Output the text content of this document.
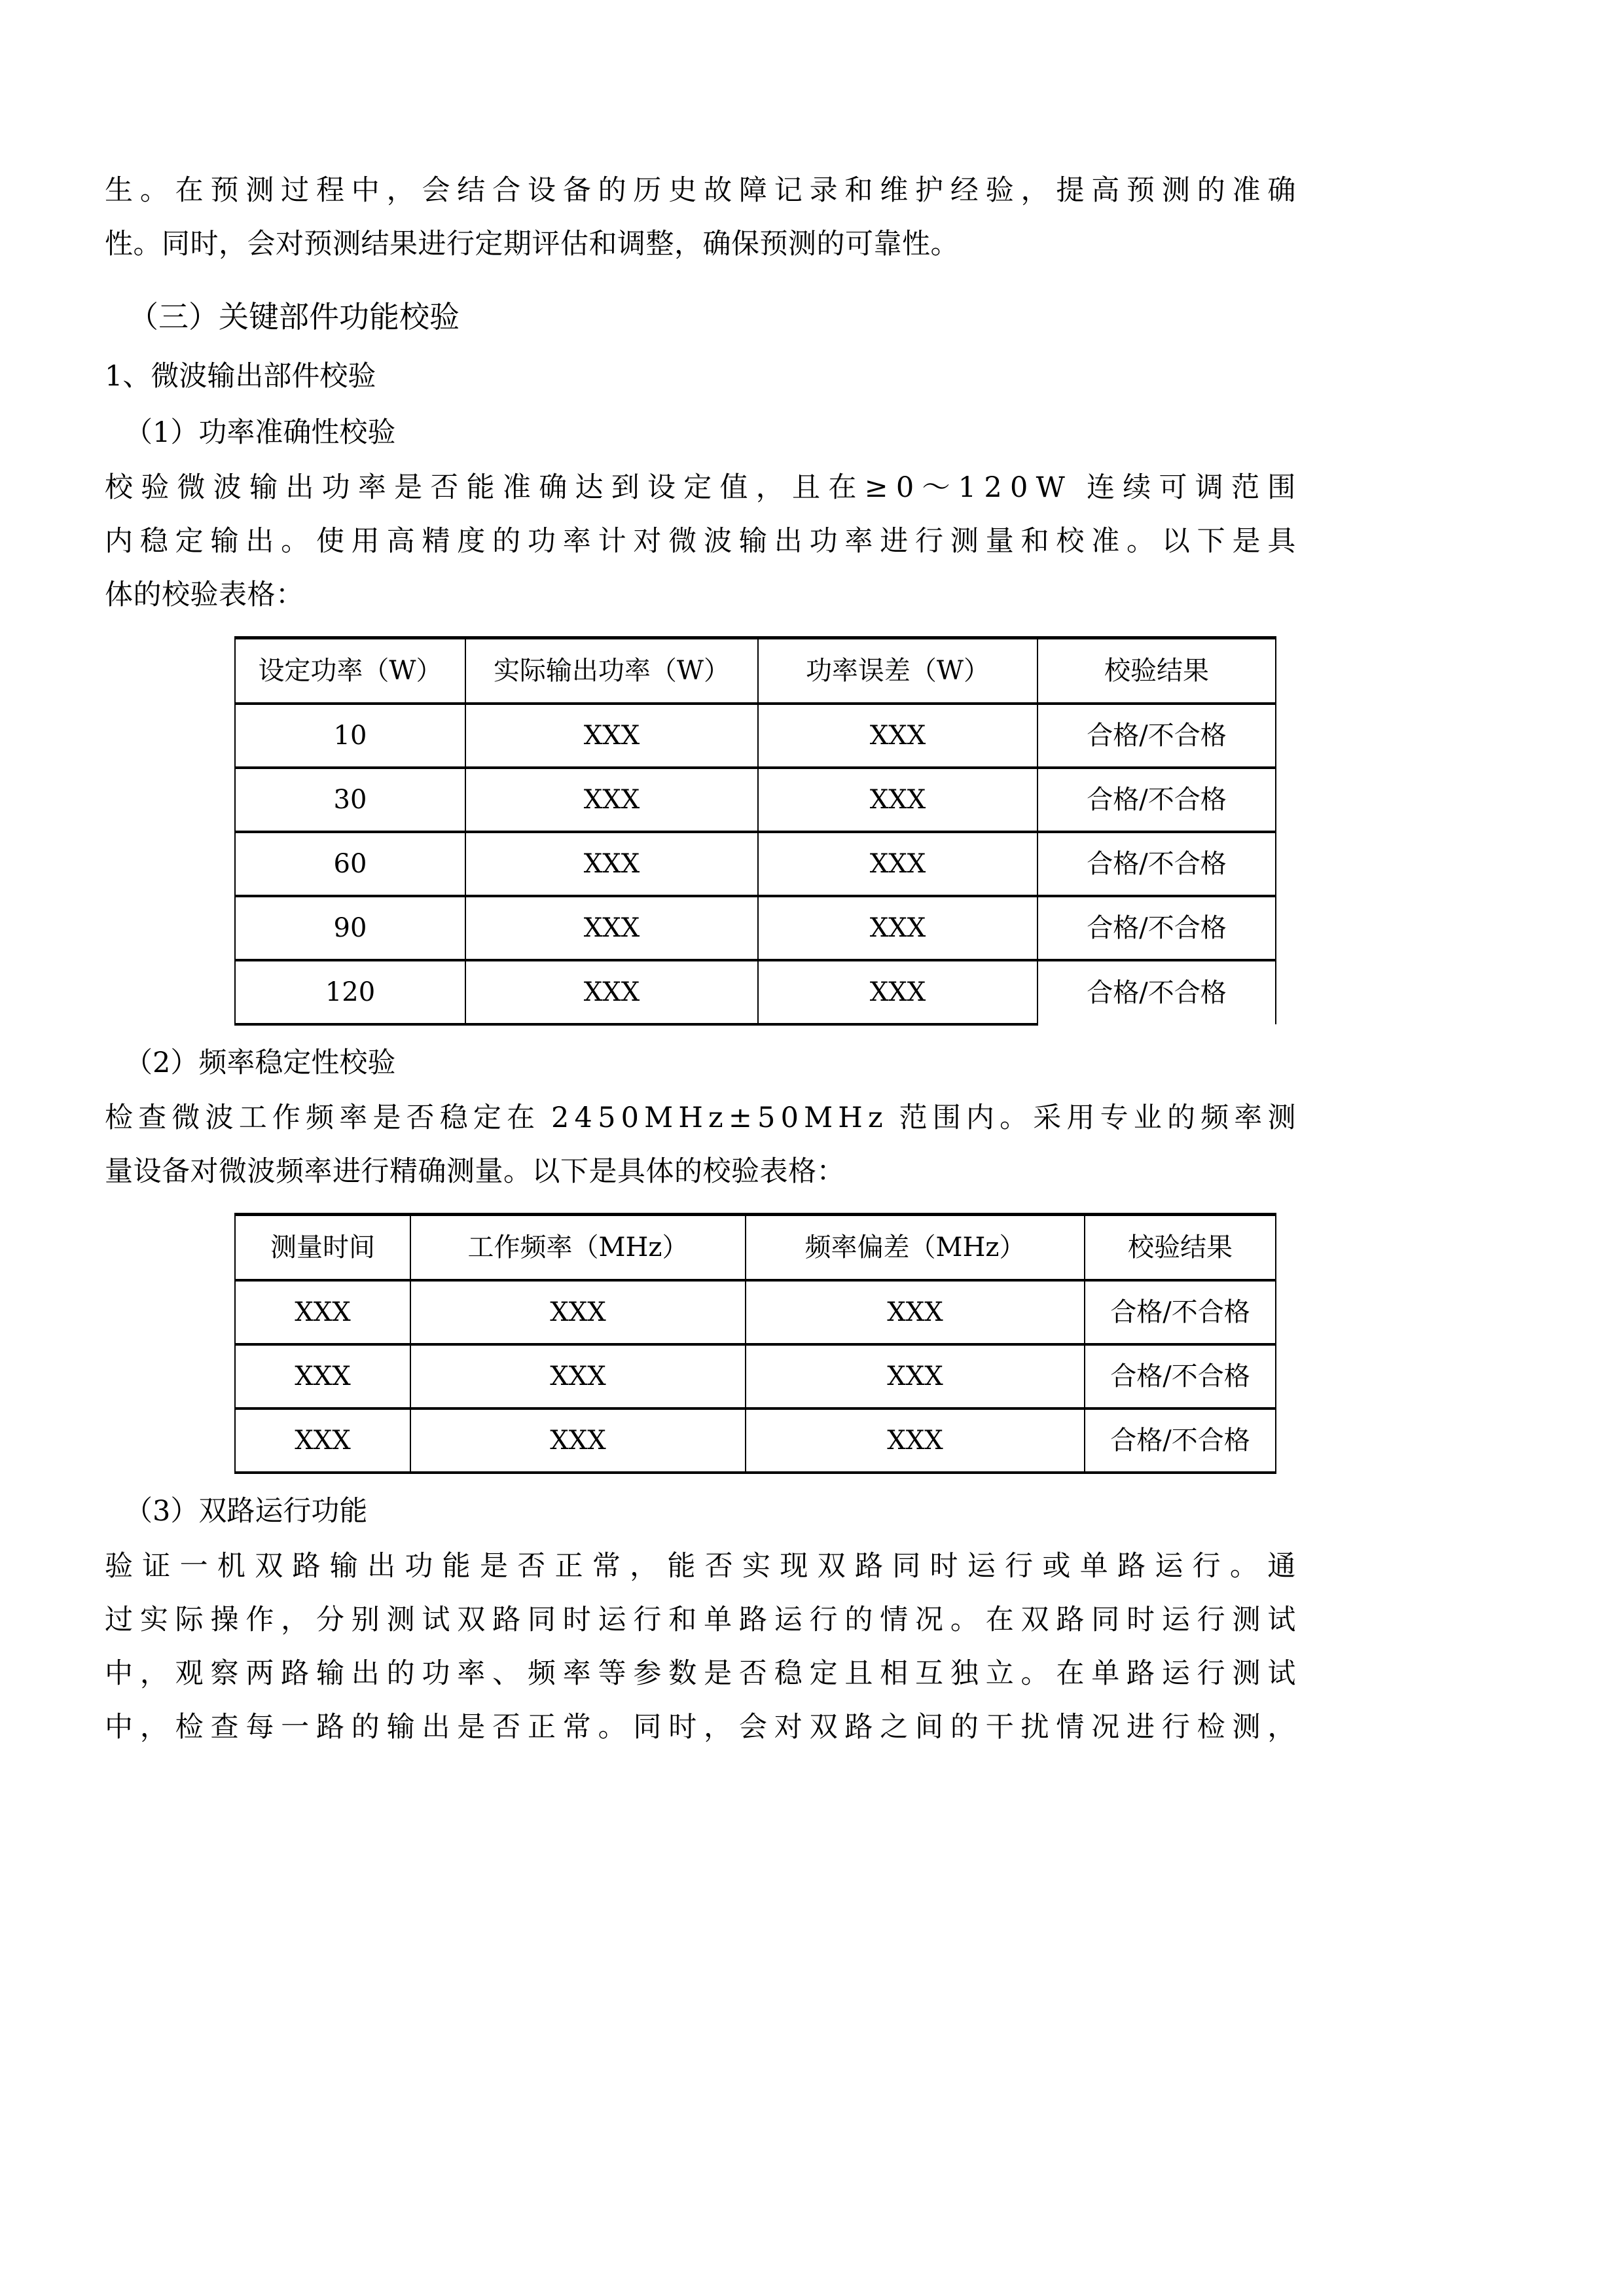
生 。 在 预 测 过 程 中 ， 会 结 合 设 备 的 历 史 故 障 记 录 和 维 护 经 验 ， 提 高 预 测 的 准 确
性。同时，会对预测结果进行定期评估和调整，确保预测的可靠性。
（三）关键部件功能校验
1、微波输出部件校验
（1）功率准确性校验
校 验 微 波 输 出 功 率 是 否 能 准 确 达 到 设 定 值 ， 且 在 ≥ 0 ～ 1 2 0 W
  连 续 可 调 范 围
内 稳 定 输 出 。 使 用 高 精 度 的 功 率 计 对 微 波 输 出 功 率 进 行 测 量 和 校 准 。 以 下 是 具
体的校验表格：
设定功率（W）	实际输出功率（W）	功率误差（W）	校验结果
10	XXX	XXX	合格/不合格
30	XXX	XXX	合格/不合格
60	XXX	XXX	合格/不合格
90	XXX	XXX	合格/不合格
120	XXX	XXX	合格/不合格
（2）频率稳定性校验
检 查 微 波 工 作 频 率 是 否 稳 定 在
  2 4 5 0 M H z ± 5 0 M H z
  范 围 内 。 采 用 专 业 的 频 率 测
量设备对微波频率进行精确测量。以下是具体的校验表格：
测量时间	工作频率（MHz）	频率偏差（MHz）	校验结果
XXX	XXX	XXX	合格/不合格
XXX	XXX	XXX	合格/不合格
XXX	XXX	XXX	合格/不合格
（3）双路运行功能
验 证 一 机 双 路 输 出 功 能 是 否 正 常 ， 能 否 实 现 双 路 同 时 运 行 或 单 路 运 行 。 通
过 实 际 操 作 ， 分 别 测 试 双 路 同 时 运 行 和 单 路 运 行 的 情 况 。 在 双 路 同 时 运 行 测 试
中 ， 观 察 两 路 输 出 的 功 率 、 频 率 等 参 数 是 否 稳 定 且 相 互 独 立 。 在 单 路 运 行 测 试
中 ， 检 查 每 一 路 的 输 出 是 否 正 常 。 同 时 ， 会 对 双 路 之 间 的 干 扰 情 况 进 行 检 测 ，
